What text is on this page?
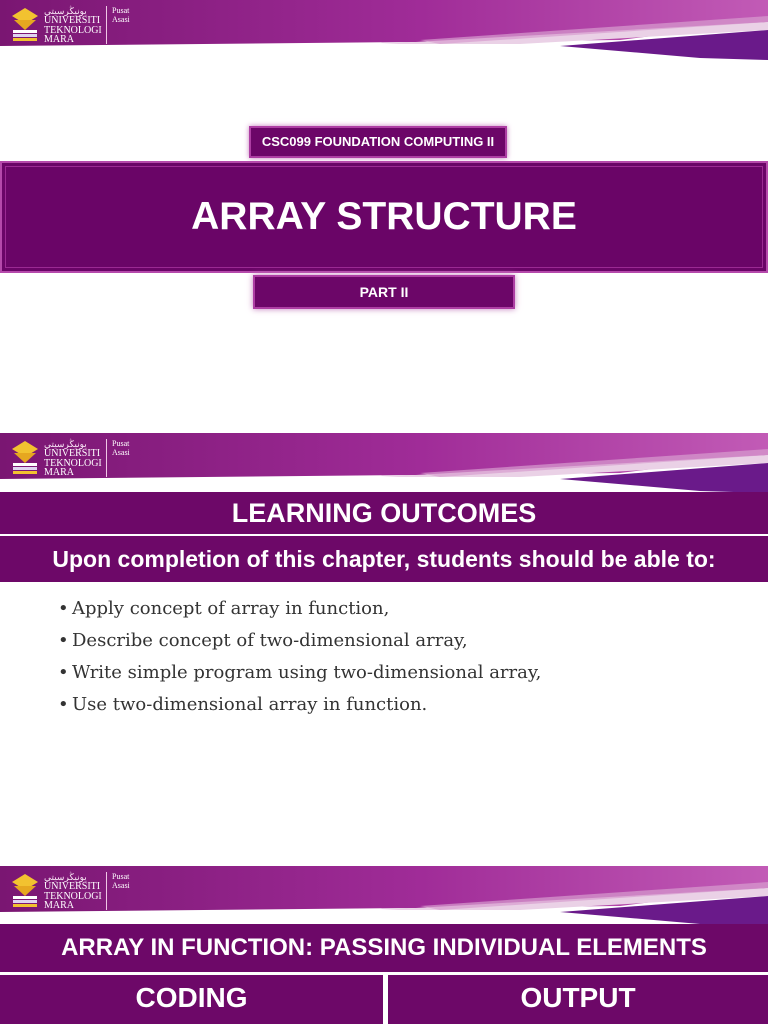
ﻳﻮﻧﻴﯖﺮﺳﻴﺘﻲ
UNIVERSITI TEKNOLOGI MARA
Pusat Asasi
CSC099 FOUNDATION COMPUTING II
ARRAY STRUCTURE
PART II
ﻳﻮﻧﻴﯖﺮﺳﻴﺘﻲ
UNIVERSITI TEKNOLOGI MARA
Pusat Asasi
LEARNING OUTCOMES
Upon completion of this chapter, students should be able to:
• Apply concept of array in function,
• Describe concept of two-dimensional array,
• Write simple program using two-dimensional array,
• Use two-dimensional array in function.
ﻳﻮﻧﻴﯖﺮﺳﻴﺘﻲ
UNIVERSITI TEKNOLOGI MARA
Pusat Asasi
ARRAY IN FUNCTION: PASSING INDIVIDUAL ELEMENTS
CODING	OUTPUT
